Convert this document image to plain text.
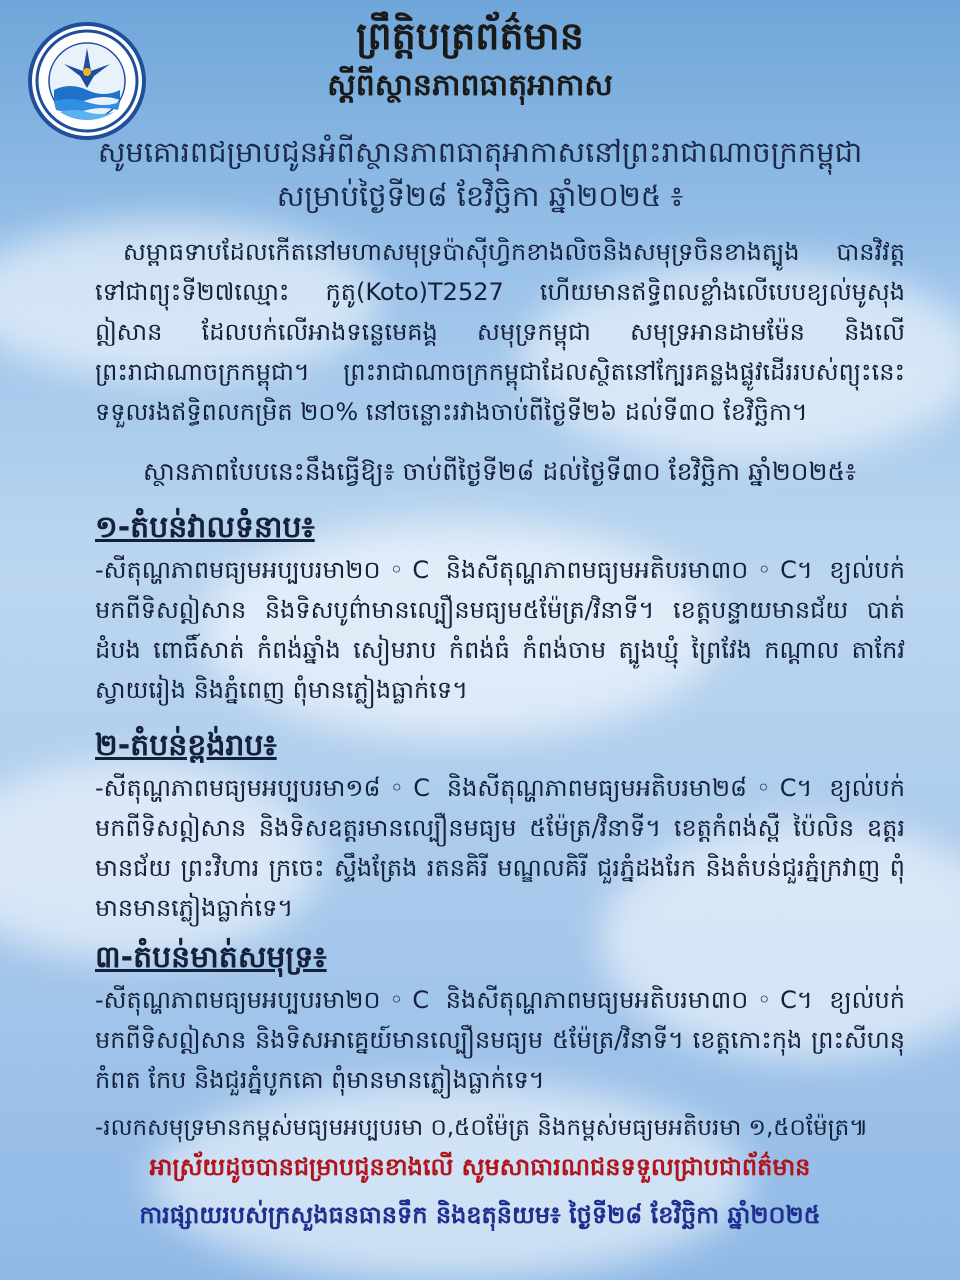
ព្រឹត្តិបត្រព័ត៌មាន
ស្តីពីស្ថានភាពធាតុអាកាស
សូមគោរពជម្រាបជូនអំពីស្ថានភាពធាតុអាកាសនៅព្រះរាជាណាចក្រកម្ពុជា
សម្រាប់ថ្ងៃទី២៨ ខែវិច្ឆិកា ឆ្នាំ២០២៥ ៖
សម្ពាធទាបដែលកើតនៅមហាសមុទ្រប៉ាស៊ីហ្វិកខាងលិចនិងសមុទ្រចិនខាងត្បូង បានវិវត្តទៅជាព្យុះទី២៧ឈ្មោះ កូតូ(Koto)T2527 ហើយមានឥទ្ធិពលខ្លាំងលើបេបខ្យល់មូសុងឦសាន ដែលបក់លើអាងទន្លេមេគង្គ សមុទ្រកម្ពុជា សមុទ្រអានដាមម៉ែន និងលើព្រះរាជាណាចក្រកម្ពុជា។ ព្រះរាជាណាចក្រកម្ពុជាដែលស្ថិតនៅក្បែរគន្លងផ្លូវដើររបស់ព្យុះនេះ ទទួលរងឥទ្ធិពលកម្រិត ២០% នៅចន្លោះរវាងចាប់ពីថ្ងៃទី២៦ ដល់ទី៣០ ខែវិច្ឆិកា។
ស្ថានភាពបែបនេះនឹងធ្វើឱ្យ៖ ចាប់ពីថ្ងៃទី២៨ ដល់ថ្ងៃទី៣០ ខែវិច្ឆិកា ឆ្នាំ២០២៥៖
១-តំបន់វាលទំនាប៖
-សីតុណ្ហភាពមធ្យមអប្បបរមា២០◦C និងសីតុណ្ហភាពមធ្យមអតិបរមា៣០◦C។ ខ្យល់បក់មកពីទិសឦសាន និងទិសបូព៌ាមានល្បឿនមធ្យម៥ម៉ែត្រ/វិនាទី។ ខេត្តបន្ទាយមានជ័យ បាត់ដំបង ពោធិ៍សាត់ កំពង់ឆ្នាំង សៀមរាប កំពង់ធំ កំពង់ចាម ត្បូងឃ្មុំ ព្រៃវែង កណ្តាល តាកែវ ស្វាយរៀង និងភ្នំពេញ ពុំមានភ្លៀងធ្លាក់ទេ។
២-តំបន់ខ្ពង់រាប៖
-សីតុណ្ហភាពមធ្យមអប្បបរមា១៨◦C និងសីតុណ្ហភាពមធ្យមអតិបរមា២៨◦C។ ខ្យល់បក់មកពីទិសឦសាន និងទិសឧត្តរមានល្បឿនមធ្យម ៥ម៉ែត្រ/វិនាទី។ ខេត្តកំពង់ស្ពឺ ប៉ៃលិន ឧត្តរមានជ័យ ព្រះវិហារ ក្រចេះ ស្ទឹងត្រែង រតនគិរី មណ្ឌលគិរី ជួរភ្នំដងរែក និងតំបន់ជួរភ្នំក្រវាញ ពុំមានមានភ្លៀងធ្លាក់ទេ។
៣-តំបន់មាត់សមុទ្រ៖
-សីតុណ្ហភាពមធ្យមអប្បបរមា២០◦C និងសីតុណ្ហភាពមធ្យមអតិបរមា៣០◦C។ ខ្យល់បក់មកពីទិសឦសាន និងទិសអាគ្នេយ៍មានល្បឿនមធ្យម ៥ម៉ែត្រ/វិនាទី។ ខេត្តកោះកុង ព្រះសីហនុ កំពត កែប និងជួរភ្នំបូកគោ ពុំមានមានភ្លៀងធ្លាក់ទេ។
-រលកសមុទ្រមានកម្ពស់មធ្យមអប្បបរមា ០,៥០ម៉ែត្រ និងកម្ពស់មធ្យមអតិបរមា ១,៥០ម៉ែត្រ៕
អាស្រ័យដូចបានជម្រាបជូនខាងលើ សូមសាធារណជនទទួលជ្រាបជាព័ត៌មាន
ការផ្សាយរបស់ក្រសួងធនធានទឹក និងឧតុនិយម៖ ថ្ងៃទី២៨ ខែវិច្ឆិកា ឆ្នាំ២០២៥
